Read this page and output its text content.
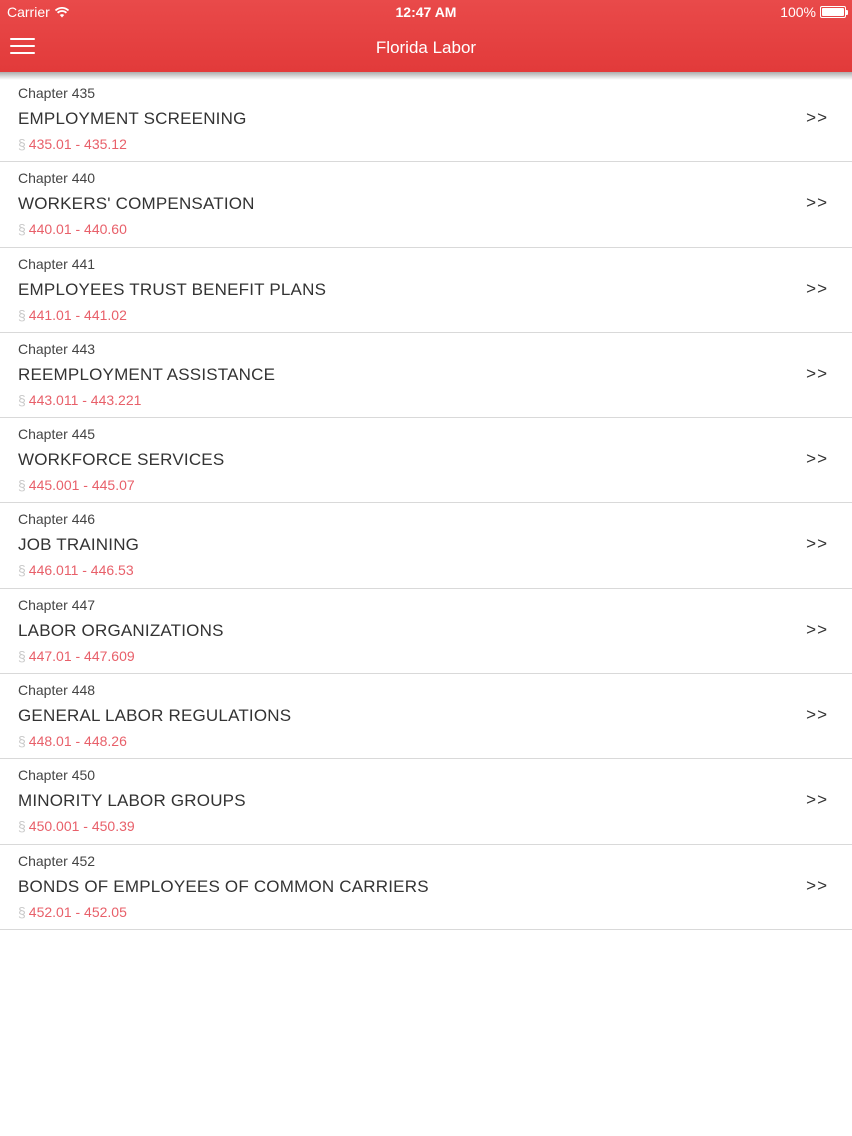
Carrier	12:47 AM	100%
Florida Labor
Chapter 435
EMPLOYMENT SCREENING
§ 435.01 - 435.12
>>
Chapter 440
WORKERS' COMPENSATION
§ 440.01 - 440.60
>>
Chapter 441
EMPLOYEES TRUST BENEFIT PLANS
§ 441.01 - 441.02
>>
Chapter 443
REEMPLOYMENT ASSISTANCE
§ 443.011 - 443.221
>>
Chapter 445
WORKFORCE SERVICES
§ 445.001 - 445.07
>>
Chapter 446
JOB TRAINING
§ 446.011 - 446.53
>>
Chapter 447
LABOR ORGANIZATIONS
§ 447.01 - 447.609
>>
Chapter 448
GENERAL LABOR REGULATIONS
§ 448.01 - 448.26
>>
Chapter 450
MINORITY LABOR GROUPS
§ 450.001 - 450.39
>>
Chapter 452
BONDS OF EMPLOYEES OF COMMON CARRIERS
§ 452.01 - 452.05
>>
